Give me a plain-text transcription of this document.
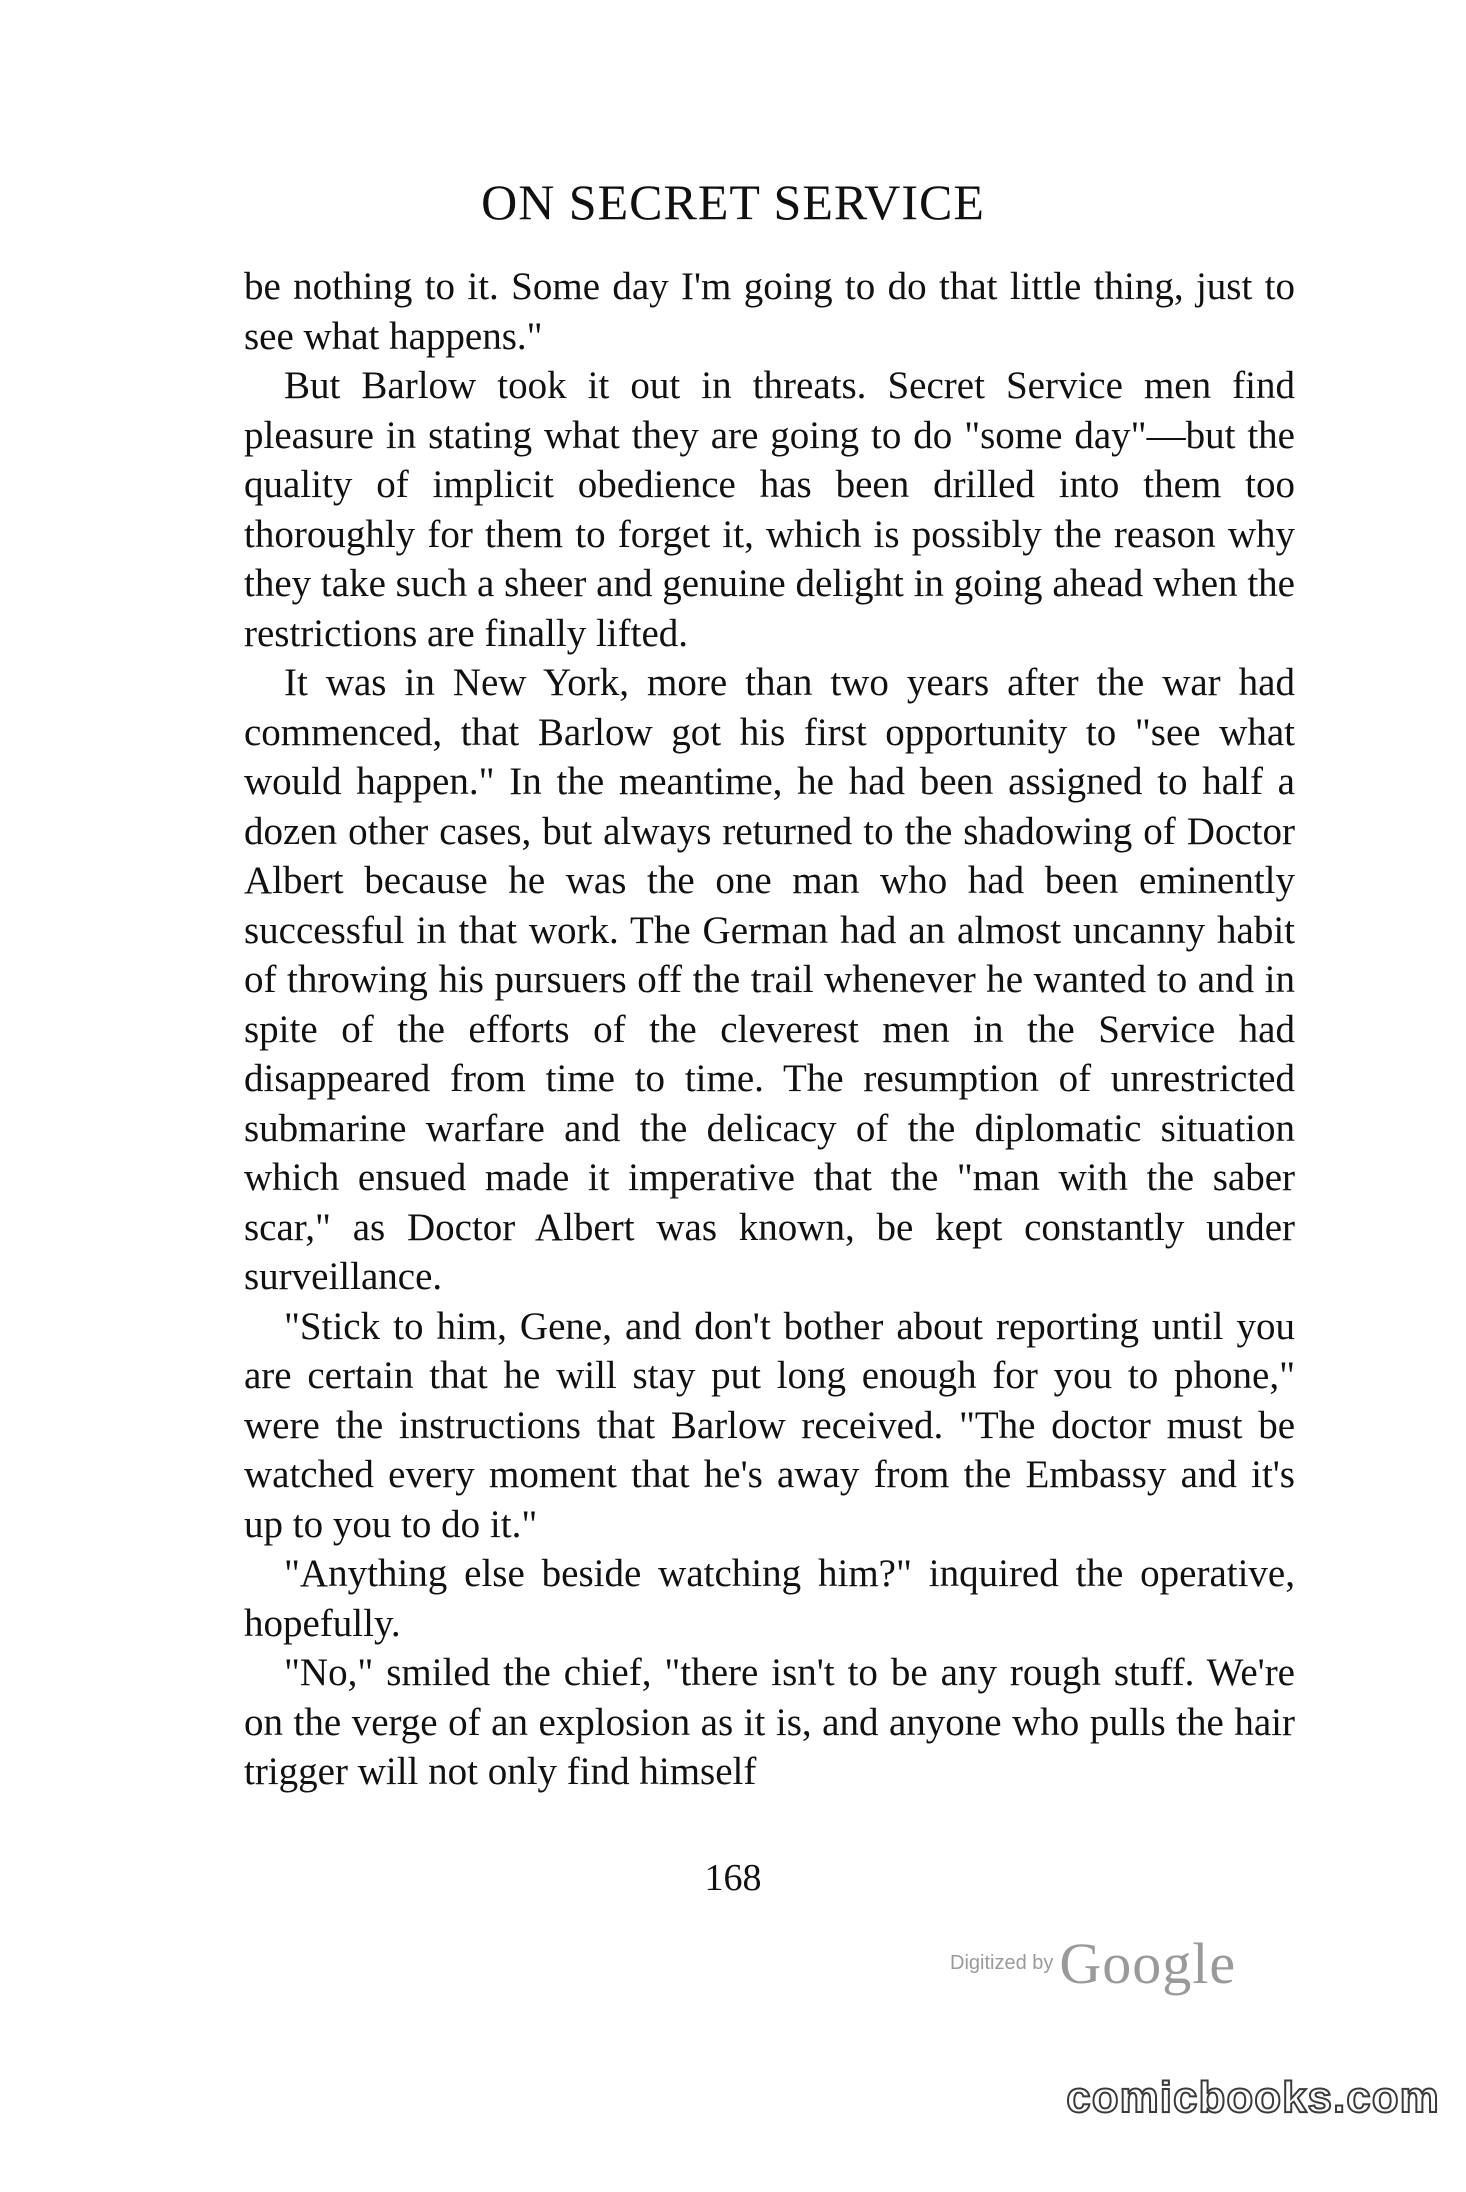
ON SECRET SERVICE

be nothing to it. Some day I'm going to do that little thing, just to see what happens."

But Barlow took it out in threats. Secret Service men find pleasure in stating what they are going to do "some day"—but the quality of implicit obedience has been drilled into them too thoroughly for them to forget it, which is possibly the reason why they take such a sheer and genuine delight in going ahead when the restrictions are finally lifted.

It was in New York, more than two years after the war had commenced, that Barlow got his first opportunity to "see what would happen." In the meantime, he had been assigned to half a dozen other cases, but always returned to the shadowing of Doctor Albert because he was the one man who had been eminently successful in that work. The German had an almost uncanny habit of throwing his pursuers off the trail whenever he wanted to and in spite of the efforts of the cleverest men in the Service had disappeared from time to time. The resumption of unrestricted submarine warfare and the delicacy of the diplomatic situation which ensued made it imperative that the "man with the saber scar," as Doctor Albert was known, be kept constantly under surveillance.

"Stick to him, Gene, and don't bother about reporting until you are certain that he will stay put long enough for you to phone," were the instructions that Barlow received. "The doctor must be watched every moment that he's away from the Embassy and it's up to you to do it."

"Anything else beside watching him?" inquired the operative, hopefully.

"No," smiled the chief, "there isn't to be any rough stuff. We're on the verge of an explosion as it is, and anyone who pulls the hair trigger will not only find himself

168
Digitized by Google
comicbooks.com
